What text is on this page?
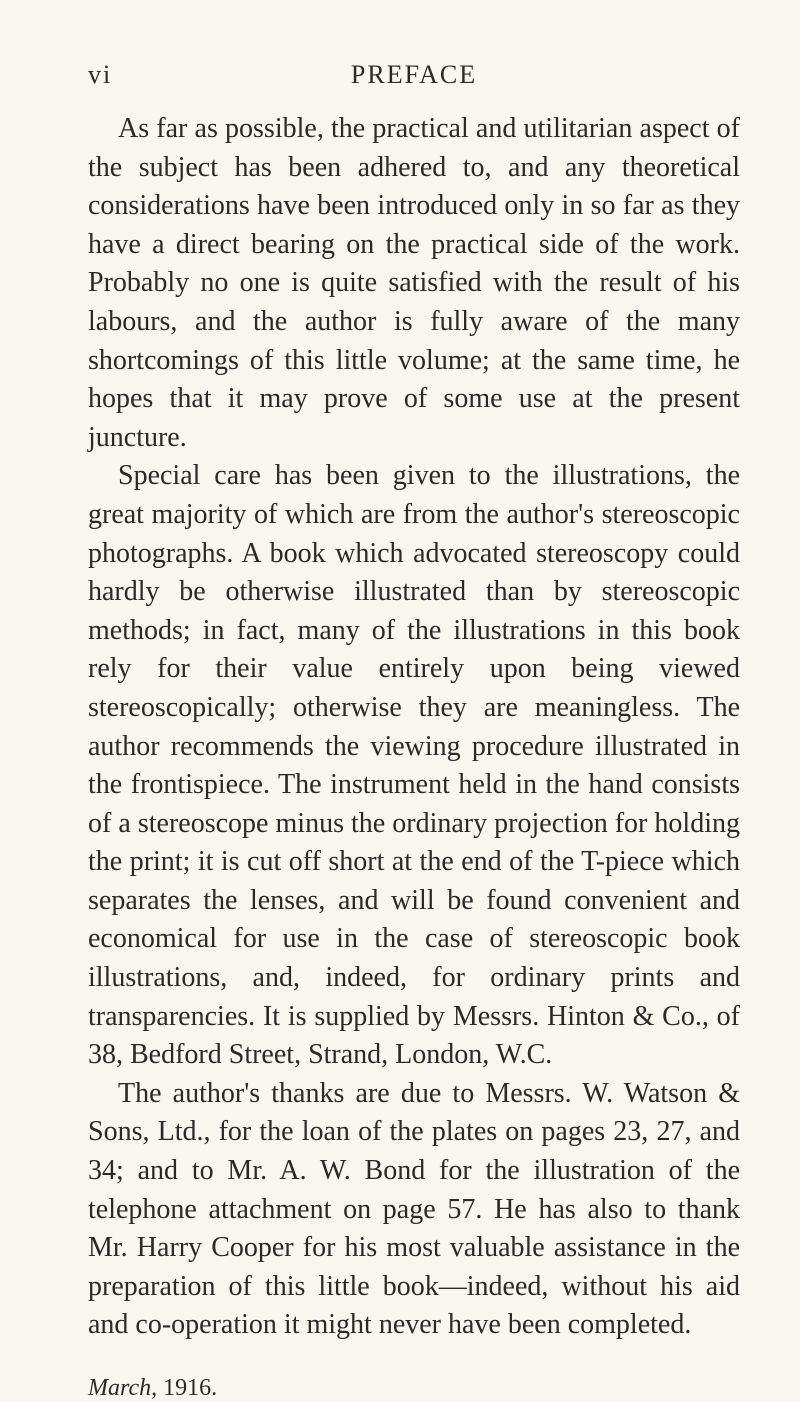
vi	PREFACE

As far as possible, the practical and utilitarian aspect of the subject has been adhered to, and any theoretical considerations have been introduced only in so far as they have a direct bearing on the practical side of the work. Probably no one is quite satisfied with the result of his labours, and the author is fully aware of the many shortcomings of this little volume; at the same time, he hopes that it may prove of some use at the present juncture.

Special care has been given to the illustrations, the great majority of which are from the author's stereoscopic photographs. A book which advocated stereoscopy could hardly be otherwise illustrated than by stereoscopic methods; in fact, many of the illustrations in this book rely for their value entirely upon being viewed stereoscopically; otherwise they are meaningless. The author recommends the viewing procedure illustrated in the frontispiece. The instrument held in the hand consists of a stereoscope minus the ordinary projection for holding the print; it is cut off short at the end of the T-piece which separates the lenses, and will be found convenient and economical for use in the case of stereoscopic book illustrations, and, indeed, for ordinary prints and transparencies. It is supplied by Messrs. Hinton & Co., of 38, Bedford Street, Strand, London, W.C.

The author's thanks are due to Messrs. W. Watson & Sons, Ltd., for the loan of the plates on pages 23, 27, and 34; and to Mr. A. W. Bond for the illustration of the telephone attachment on page 57. He has also to thank Mr. Harry Cooper for his most valuable assistance in the preparation of this little book—indeed, without his aid and co-operation it might never have been completed.

March, 1916.
